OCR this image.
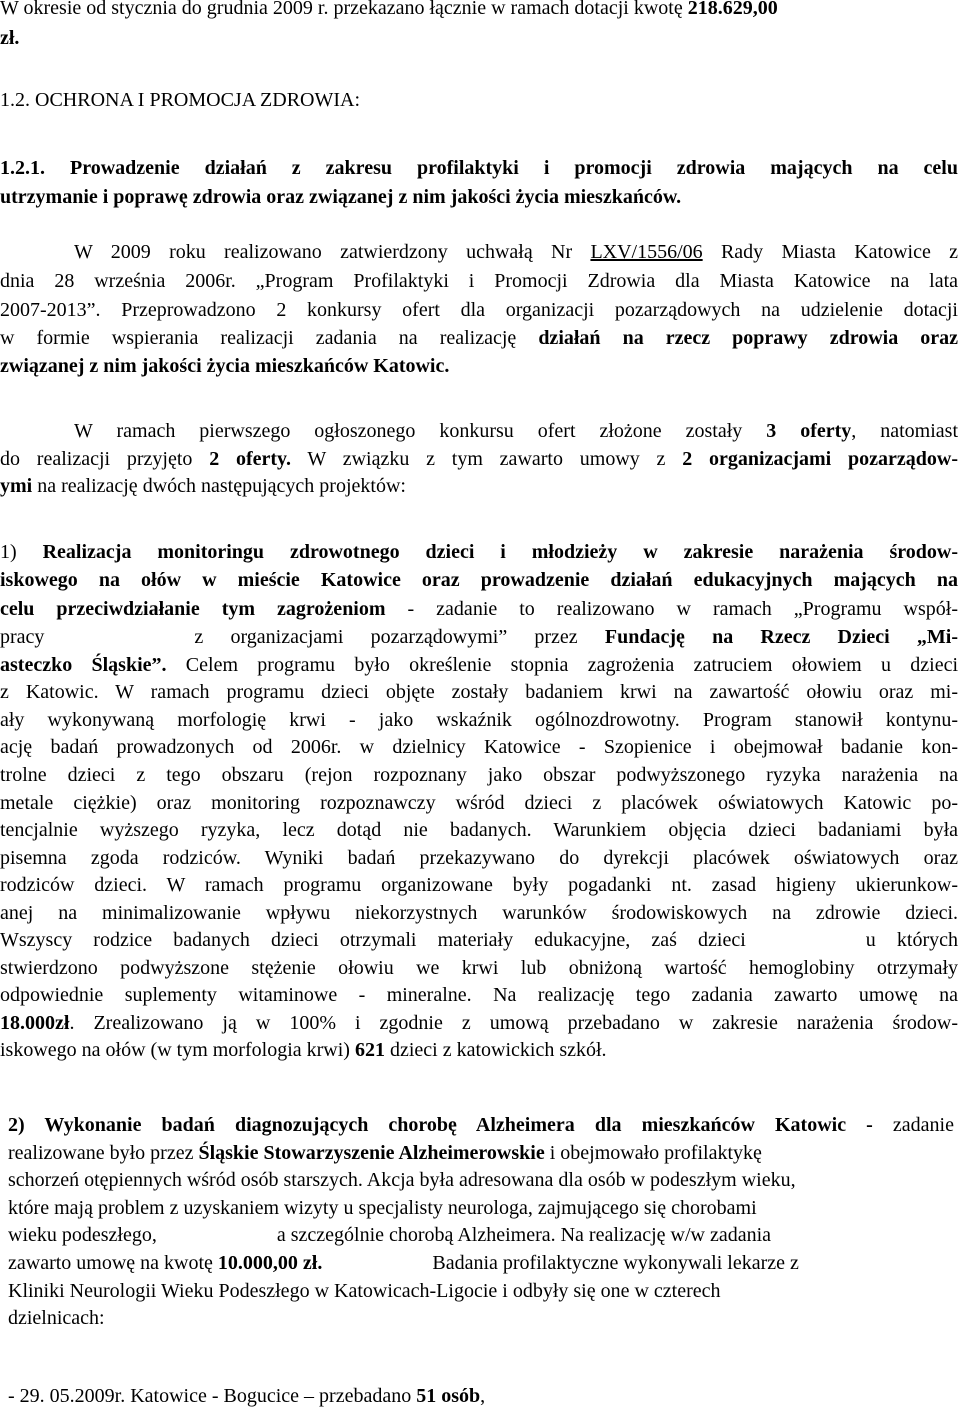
W okresie od stycznia do grudnia 2009 r. przekazano łącznie w ramach dotacji kwotę 218.629,00
zł.
1.2. OCHRONA I PROMOCJA ZDROWIA:
1.2.1. Prowadzenie działań z zakresu profilaktyki i promocji zdrowia mających na celu
utrzymanie i poprawę zdrowia oraz związanej z nim jakości życia mieszkańców.
W 2009 roku realizowano zatwierdzony uchwałą Nr LXV/1556/06 Rady Miasta Katowice z
dnia 28 września 2006r. „Program Profilaktyki i Promocji Zdrowia dla Miasta Katowice na lata
2007-2013”. Przeprowadzono 2 konkursy ofert dla organizacji pozarządowych na udzielenie dotacji
w formie wspierania realizacji zadania na realizację działań na rzecz poprawy zdrowia oraz
związanej z nim jakości życia mieszkańców Katowic.
W ramach pierwszego ogłoszonego konkursu ofert złożone zostały 3 oferty, natomiast
do realizacji przyjęto 2 oferty. W związku z tym zawarto umowy z 2 organizacjami pozarządow-
ymi na realizację dwóch następujących projektów:
1) Realizacja monitoringu zdrowotnego dzieci i młodzieży w zakresie narażenia środow-
iskowego na ołów w mieście Katowice oraz prowadzenie działań edukacyjnych mających na
celu przeciwdziałanie tym zagrożeniom - zadanie to realizowano w ramach „Programu współ-
pracy	z organizacjami pozarządowymi” przez Fundację na Rzecz Dzieci „Mi-
asteczko Śląskie”. Celem programu było określenie stopnia zagrożenia zatruciem ołowiem u dzieci
z Katowic. W ramach programu dzieci objęte zostały badaniem krwi na zawartość ołowiu oraz mi-
ały wykonywaną morfologię krwi - jako wskaźnik ogólnozdrowotny. Program stanowił kontynu-
ację badań prowadzonych od 2006r. w dzielnicy Katowice - Szopienice i obejmował badanie kon-
trolne dzieci z tego obszaru (rejon rozpoznany jako obszar podwyższonego ryzyka narażenia na
metale ciężkie) oraz monitoring rozpoznawczy wśród dzieci z placówek oświatowych Katowic po-
tencjalnie wyższego ryzyka, lecz dotąd nie badanych. Warunkiem objęcia dzieci badaniami była
pisemna zgoda rodziców. Wyniki badań przekazywano do dyrekcji placówek oświatowych oraz
rodziców dzieci. W ramach programu organizowane były pogadanki nt. zasad higieny ukierunkow-
anej na minimalizowanie wpływu niekorzystnych warunków środowiskowych na zdrowie dzieci.
Wszyscy rodzice badanych dzieci otrzymali materiały edukacyjne, zaś dzieci	u których
stwierdzono podwyższone stężenie ołowiu we krwi lub obniżoną wartość hemoglobiny otrzymały
odpowiednie suplementy witaminowe - mineralne. Na realizację tego zadania zawarto umowę na
18.000zł. Zrealizowano ją w 100% i zgodnie z umową przebadano w zakresie narażenia środow-
iskowego na ołów (w tym morfologia krwi) 621 dzieci z katowickich szkół.
2) Wykonanie badań diagnozujących chorobę Alzheimera dla mieszkańców Katowic - zadanie
realizowane było przez Śląskie Stowarzyszenie Alzheimerowskie i obejmowało profilaktykę
schorzeń otępiennych wśród osób starszych. Akcja była adresowana dla osób w podeszłym wieku,
które mają problem z uzyskaniem wizyty u specjalisty neurologa, zajmującego się chorobami
wieku podeszłego,	a szczególnie chorobą Alzheimera. Na realizację w/w zadania
zawarto umowę na kwotę 10.000,00 zł.	Badania profilaktyczne wykonywali lekarze z
Kliniki Neurologii Wieku Podeszłego w Katowicach-Ligocie i odbyły się one w czterech
dzielnicach:
- 29. 05.2009r. Katowice - Bogucice – przebadano 51 osób,
